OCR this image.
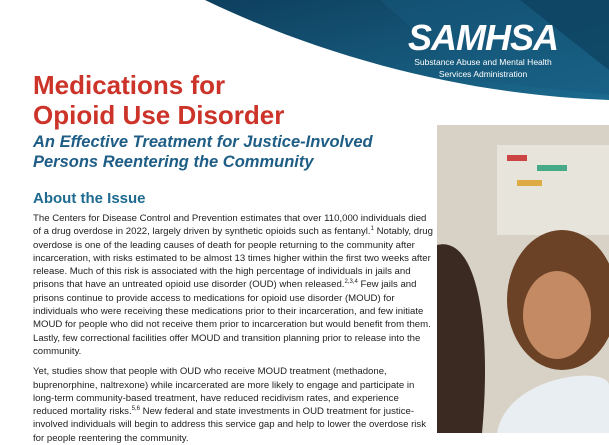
SAMHSA
Substance Abuse and Mental Health
Services Administration
Medications for
Opioid Use Disorder
An Effective Treatment for Justice-Involved
Persons Reentering the Community
About the Issue

The Centers for Disease Control and Prevention estimates that over 110,000 individuals died of a drug overdose in 2022, largely driven by synthetic opioids such as fentanyl.$^1$ Notably, drug overdose is one of the leading causes of death for people returning to the community after incarceration, with risks estimated to be almost 13 times higher within the first two weeks after release. Much of this risk is associated with the high percentage of individuals in jails and prisons that have an untreated opioid use disorder (OUD) when released.$^{2,3,4}$ Few jails and prisons continue to provide access to medications for opioid use disorder (MOUD) for individuals who were receiving these medications prior to their incarceration, and few initiate MOUD for people who did not receive them prior to incarceration but would benefit from them. Lastly, few correctional facilities offer MOUD and transition planning prior to release into the community.

Yet, studies show that people with OUD who receive MOUD treatment (methadone, buprenorphine, naltrexone) while incarcerated are more likely to engage and participate in long-term community-based treatment, have reduced recidivism rates, and experience reduced mortality risks.$^{5,6}$ New federal and state investments in OUD treatment for justice-involved individuals will begin to address this service gap and help to lower the overdose risk for people reentering the community.
